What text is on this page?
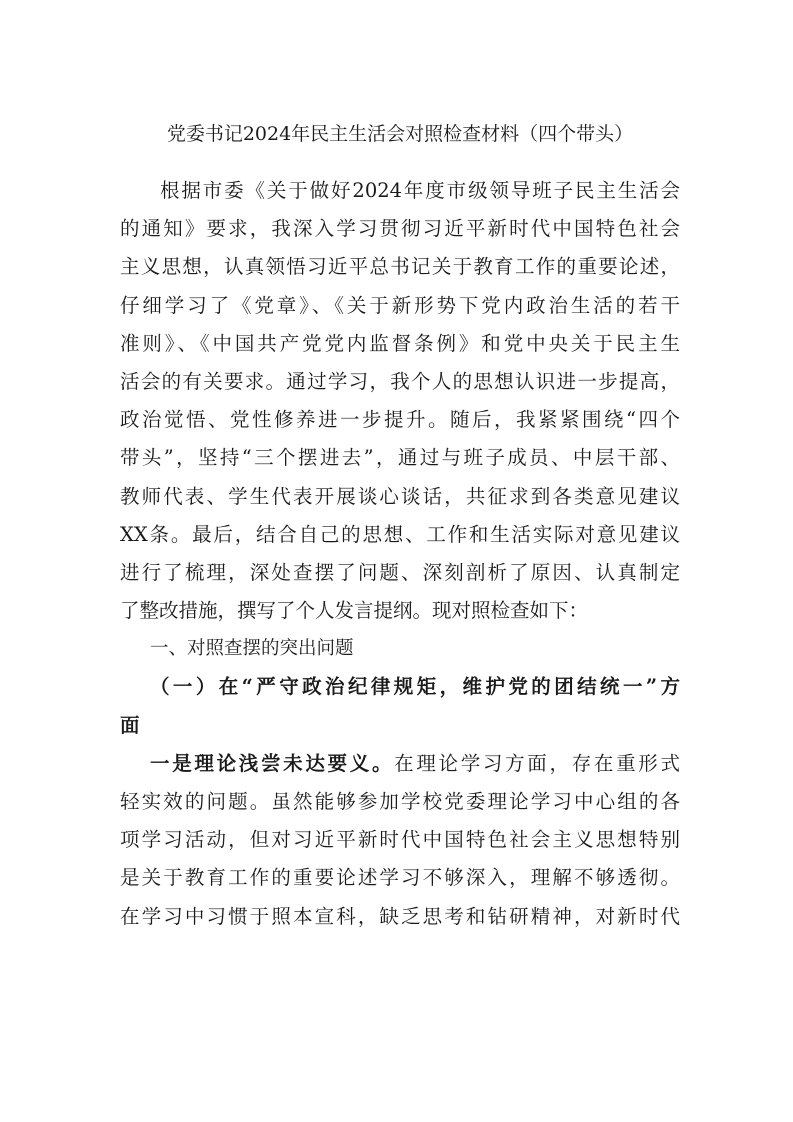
党委书记2024年民主生活会对照检查材料（四个带头）
根据市委《关于做好2024年度市级领导班子民主生活会
的通知》要求，我深入学习贯彻习近平新时代中国特色社会
主义思想，认真领悟习近平总书记关于教育工作的重要论述，
仔细学习了《党章》、《关于新形势下党内政治生活的若干
准则》、《中国共产党党内监督条例》和党中央关于民主生
活会的有关要求。通过学习，我个人的思想认识进一步提高，
政治觉悟、党性修养进一步提升。随后，我紧紧围绕“四个
带头”，坚持“三个摆进去”，通过与班子成员、中层干部、
教师代表、学生代表开展谈心谈话，共征求到各类意见建议
XX条。最后，结合自己的思想、工作和生活实际对意见建议
进行了梳理，深处查摆了问题、深刻剖析了原因、认真制定
了整改措施，撰写了个人发言提纲。现对照检查如下：
一、对照查摆的突出问题
（一）在“严守政治纪律规矩，维护党的团结统一”方
面
一是理论浅尝未达要义。在理论学习方面，存在重形式
轻实效的问题。虽然能够参加学校党委理论学习中心组的各
项学习活动，但对习近平新时代中国特色社会主义思想特别
是关于教育工作的重要论述学习不够深入，理解不够透彻。
在学习中习惯于照本宣科，缺乏思考和钻研精神，对新时代
